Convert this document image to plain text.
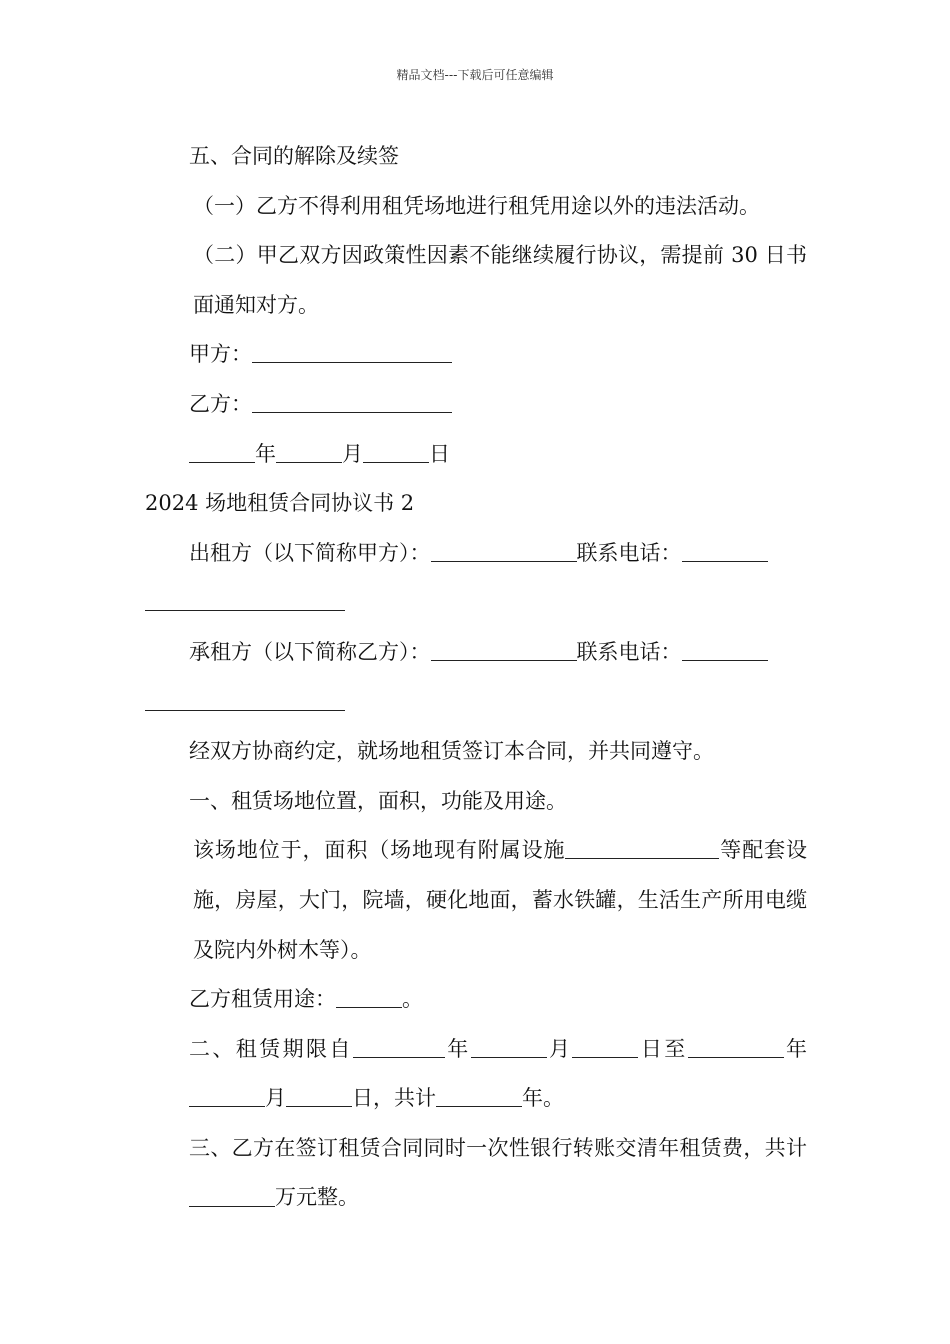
精品文档---下载后可任意编辑

五、合同的解除及续签

（一）乙方不得利用租凭场地进行租凭用途以外的违法活动。

（二）甲乙双方因政策性因素不能继续履行协议，需提前 30 日书面通知对方。

甲方：

乙方：

年	月	日

2024 场地租赁合同协议书 2

出租方（以下简称甲方）：	联系电话：

承租方（以下简称乙方）：	联系电话：

经双方协商约定，就场地租赁签订本合同，并共同遵守。

一、租赁场地位置，面积，功能及用途。

该场地位于，面积（场地现有附属设施	等配套设施，房屋，大门，院墙，硬化地面，蓄水铁罐，生活生产所用电缆及院内外树木等）。

乙方租赁用途：	。

二、租赁期限自	年	月	日至	年月	日，共计	年。

三、乙方在签订租赁合同同时一次性银行转账交清年租赁费，共计万元整。
